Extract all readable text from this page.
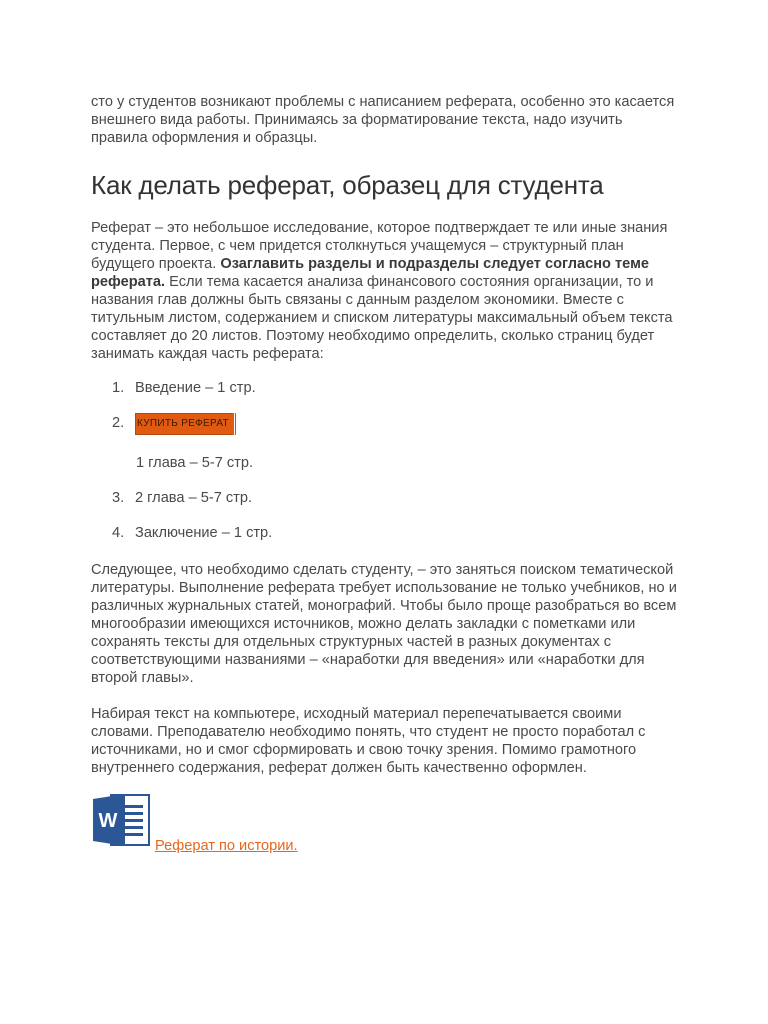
сто у студентов возникают проблемы с написанием реферата, особенно это касается внешнего вида работы. Принимаясь за форматирование текста, надо изучить правила оформления и образцы.

Как делать реферат, образец для студента

Реферат – это небольшое исследование, которое подтверждает те или иные знания студента. Первое, с чем придется столкнуться учащемуся – структурный план будущего проекта. Озаглавить разделы и подразделы следует согласно теме реферата. Если тема касается анализа финансового состояния организации, то и названия глав должны быть связаны с данным разделом экономики. Вместе с титульным листом, содержанием и списком литературы максимальный объем текста составляет до 20 листов. Поэтому необходимо определить, сколько страниц будет занимать каждая часть реферата:

1. Введение – 1 стр.
2. КУПИТЬ РЕФЕРАТ
1 глава – 5-7 стр.
3. 2 глава – 5-7 стр.
4. Заключение – 1 стр.

Следующее, что необходимо сделать студенту, – это заняться поиском тематической литературы. Выполнение реферата требует использование не только учебников, но и различных журнальных статей, монографий. Чтобы было проще разобраться во всем многообразии имеющихся источников, можно делать закладки с пометками или сохранять тексты для отдельных структурных частей в разных документах с соответствующими названиями – «наработки для введения» или «наработки для второй главы».

Набирая текст на компьютере, исходный материал перепечатывается своими словами. Преподавателю необходимо понять, что студент не просто поработал с источниками, но и смог сформировать и свою точку зрения. Помимо грамотного внутреннего содержания, реферат должен быть качественно оформлен.

W
Реферат по истории.
